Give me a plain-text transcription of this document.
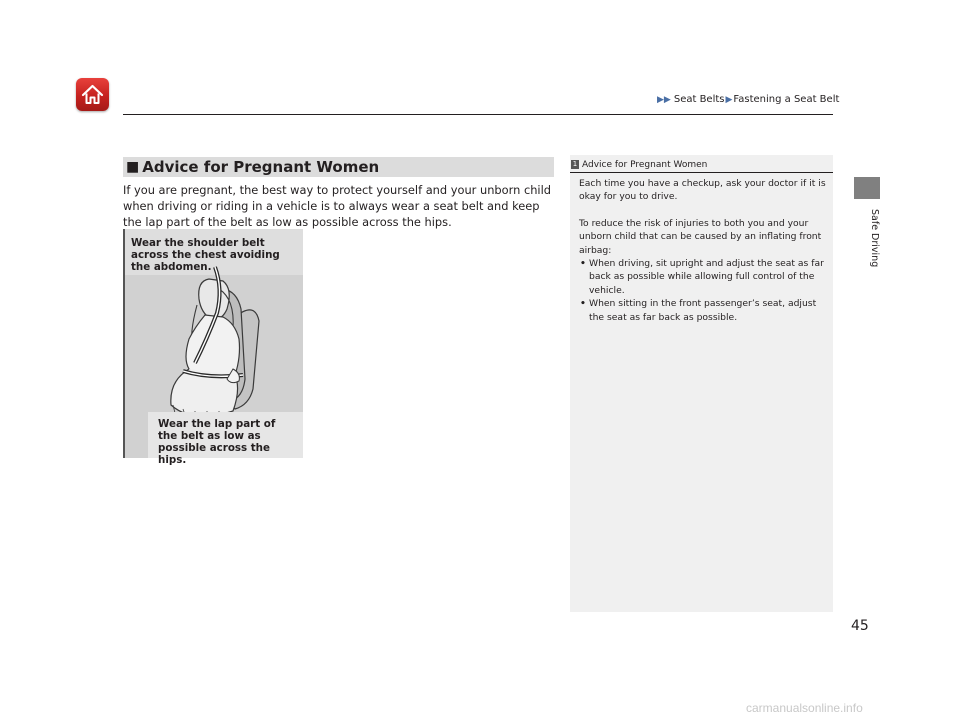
▶▶ Seat Belts ▶ Fastening a Seat Belt
Safe Driving
■ Advice for Pregnant Women
If you are pregnant, the best way to protect yourself and your unborn child when driving or riding in a vehicle is to always wear a seat belt and keep the lap part of the belt as low as possible across the hips.
Wear the shoulder belt across the chest avoiding the abdomen.
Wear the lap part of the belt as low as possible across the hips.
1 Advice for Pregnant Women

Each time you have a checkup, ask your doctor if it is okay for you to drive.

To reduce the risk of injuries to both you and your unborn child that can be caused by an inflating front airbag:

• When driving, sit upright and adjust the seat as far back as possible while allowing full control of the vehicle.
• When sitting in the front passenger’s seat, adjust the seat as far back as possible.
45
carmanualsonline.info
